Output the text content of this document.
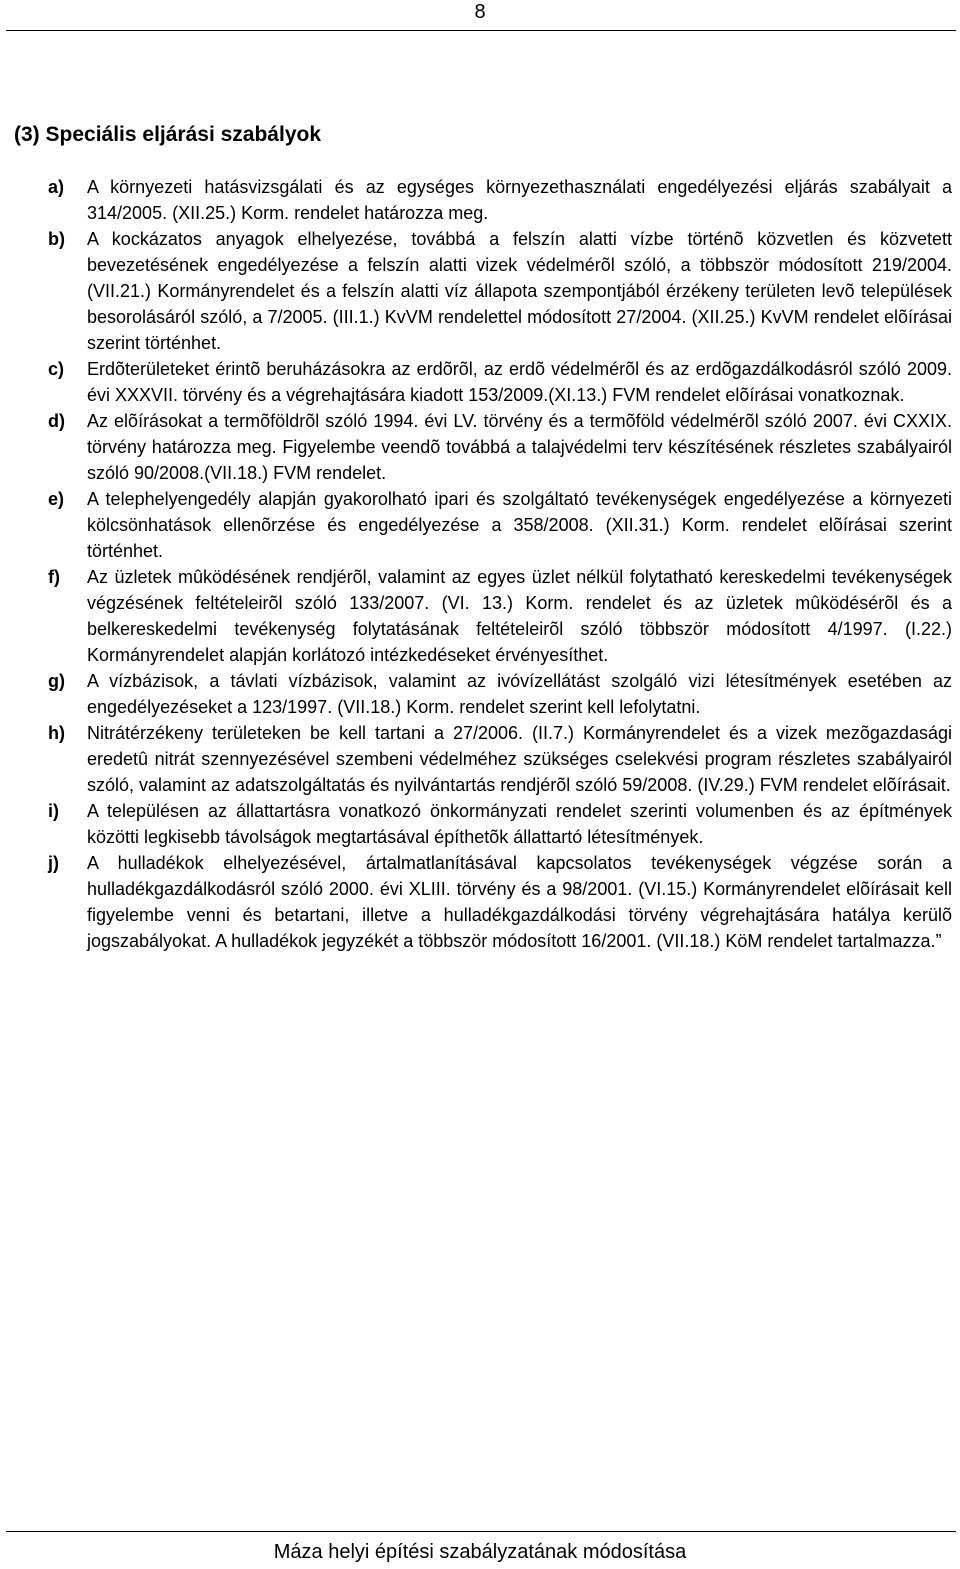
8
(3) Speciális eljárási szabályok
a) A környezeti hatásvizsgálati és az egységes környezethasználati engedélyezési eljárás szabályait a 314/2005. (XII.25.) Korm. rendelet határozza meg.
b) A kockázatos anyagok elhelyezése, továbbá a felszín alatti vízbe történõ közvetlen és közvetett bevezetésének engedélyezése a felszín alatti vizek védelmérõl szóló, a többször módosított 219/2004. (VII.21.) Kormányrendelet és a felszín alatti víz állapota szempontjából érzékeny területen levõ települések besorolásáról szóló, a 7/2005. (III.1.) KvVM rendelettel módosított 27/2004. (XII.25.) KvVM rendelet elõírásai szerint történhet.
c) Erdõterületeket érintõ beruházásokra az erdõrõl, az erdõ védelmérõl és az erdõgazdálkodásról szóló 2009. évi XXXVII. törvény és a végrehajtására kiadott 153/2009.(XI.13.) FVM rendelet elõírásai vonatkoznak.
d) Az elõírásokat a termõföldrõl szóló 1994. évi LV. törvény és a termõföld védelmérõl szóló 2007. évi CXXIX. törvény határozza meg. Figyelembe veendõ továbbá a talajvédelmi terv készítésének részletes szabályairól szóló 90/2008.(VII.18.) FVM rendelet.
e) A telephelyengedély alapján gyakorolható ipari és szolgáltató tevékenységek engedélyezése a környezeti kölcsönhatások ellenõrzése és engedélyezése a 358/2008. (XII.31.) Korm. rendelet elõírásai szerint történhet.
f) Az üzletek mûködésének rendjérõl, valamint az egyes üzlet nélkül folytatható kereskedelmi tevékenységek végzésének feltételeirõl szóló 133/2007. (VI. 13.) Korm. rendelet és az üzletek mûködésérõl és a belkereskedelmi tevékenység folytatásának feltételeirõl szóló többször módosított 4/1997. (I.22.) Kormányrendelet alapján korlátozó intézkedéseket érvényesíthet.
g) A vízbázisok, a távlati vízbázisok, valamint az ivóvízellátást szolgáló vizi létesítmények esetében az engedélyezéseket a 123/1997. (VII.18.) Korm. rendelet szerint kell lefolytatni.
h) Nitrátérzékeny területeken be kell tartani a 27/2006. (II.7.) Kormányrendelet és a vizek mezõgazdasági eredetû nitrát szennyezésével szembeni védelméhez szükséges cselekvési program részletes szabályairól szóló, valamint az adatszolgáltatás és nyilvántartás rendjérõl szóló 59/2008. (IV.29.) FVM rendelet elõírásait.
i) A településen az állattartásra vonatkozó önkormányzati rendelet szerinti volumenben és az építmények közötti legkisebb távolságok megtartásával építhetõk állattartó létesítmények.
j) A hulladékok elhelyezésével, ártalmatlanításával kapcsolatos tevékenységek végzése során a hulladékgazdálkodásról szóló 2000. évi XLIII. törvény és a 98/2001. (VI.15.) Kormányrendelet elõírásait kell figyelembe venni és betartani, illetve a hulladékgazdálkodási törvény végrehajtására hatálya kerülõ jogszabályokat. A hulladékok jegyzékét a többször módosított 16/2001. (VII.18.) KöM rendelet tartalmazza.”
Máza helyi építési szabályzatának módosítása
